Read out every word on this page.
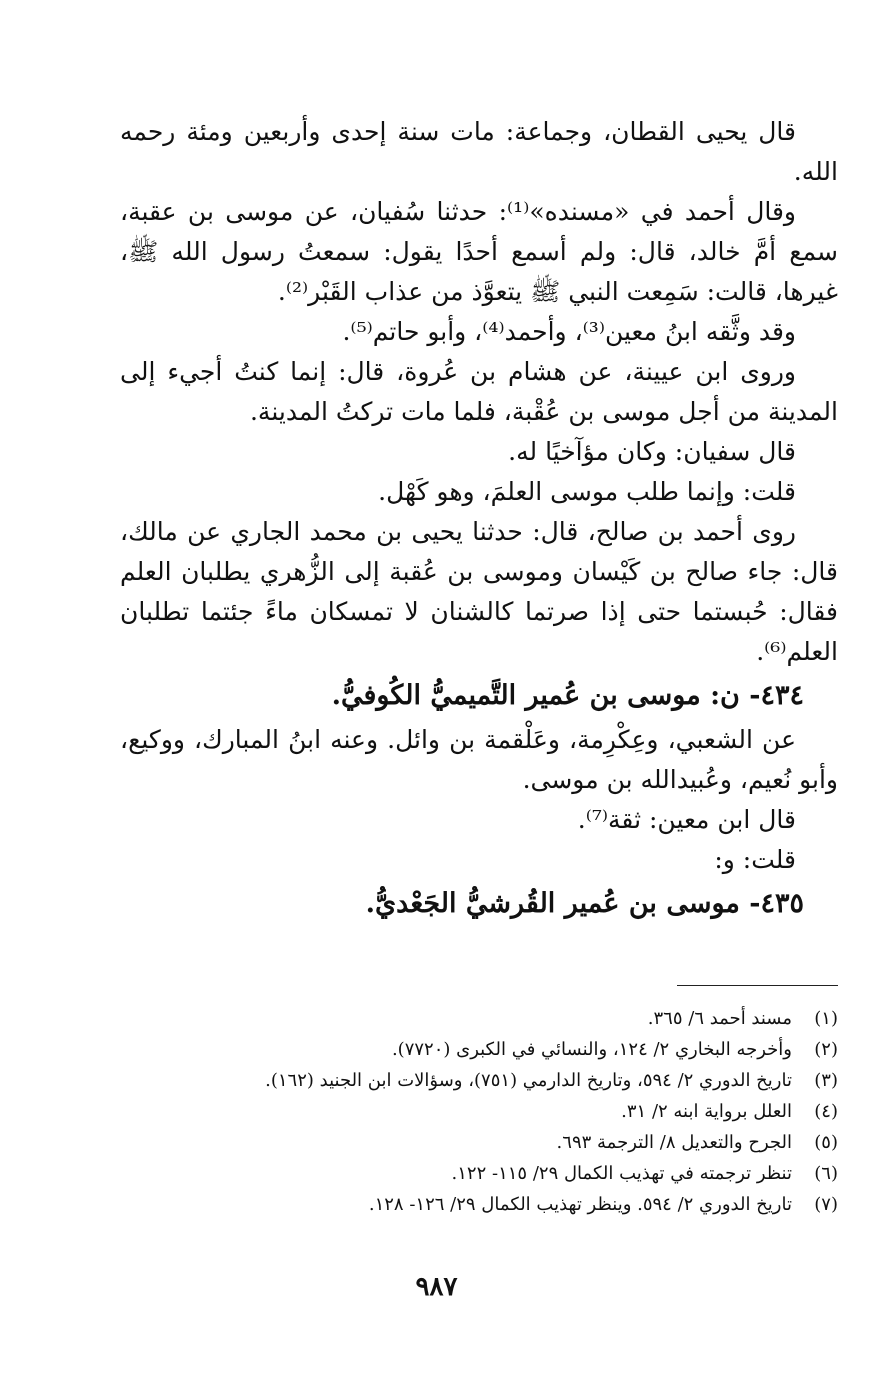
قال يحيى القطان، وجماعة: مات سنة إحدى وأربعين ومئة رحمه الله.

وقال أحمد في «مسنده»⁽¹⁾: حدثنا سُفيان، عن موسى بن عقبة، سمع أمَّ خالد، قال: ولم أسمع أحدًا يقول: سمعتُ رسول الله ﷺ، غيرها، قالت: سَمِعت النبي ﷺ يتعوَّذ من عذاب القَبْر⁽²⁾.

وقد وثَّقه ابنُ معين⁽³⁾، وأحمد⁽⁴⁾، وأبو حاتم⁽⁵⁾.

وروى ابن عيينة، عن هشام بن عُروة، قال: إنما كنتُ أجيء إلى المدينة من أجل موسى بن عُقْبة، فلما مات تركتُ المدينة.

قال سفيان: وكان مؤآخيًا له.

قلت: وإنما طلب موسى العلمَ، وهو كَهْل.

روى أحمد بن صالح، قال: حدثنا يحيى بن محمد الجاري عن مالك، قال: جاء صالح بن كَيْسان وموسى بن عُقبة إلى الزُّهري يطلبان العلم فقال: حُبستما حتى إذا صرتما كالشنان لا تمسكان ماءً جئتما تطلبان العلم⁽⁶⁾.

٤٣٤- ن: موسى بن عُمير التَّميميُّ الكُوفيُّ.

عن الشعبي، وعِكْرِمة، وعَلْقمة بن وائل. وعنه ابنُ المبارك، ووكيع، وأبو نُعيم، وعُبيدالله بن موسى.

قال ابن معين: ثقة⁽⁷⁾.

قلت: و:

٤٣٥- موسى بن عُمير القُرشيُّ الجَعْديُّ.

(١)
مسند أحمد ٦/ ٣٦٥.
(٢)
وأخرجه البخاري ٢/ ١٢٤، والنسائي في الكبرى (٧٧٢٠).
(٣)
تاريخ الدوري ٢/ ٥٩٤، وتاريخ الدارمي (٧٥١)، وسؤالات ابن الجنيد (١٦٢).
(٤)
العلل برواية ابنه ٢/ ٣١.
(٥)
الجرح والتعديل ٨/ الترجمة ٦٩٣.
(٦)
تنظر ترجمته في تهذيب الكمال ٢٩/ ١١٥- ١٢٢.
(٧)
تاريخ الدوري ٢/ ٥٩٤. وينظر تهذيب الكمال ٢٩/ ١٢٦- ١٢٨.
٩٨٧
